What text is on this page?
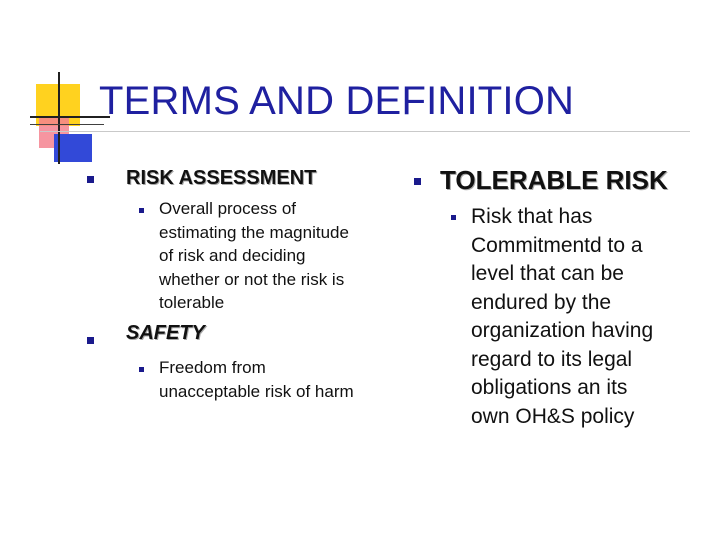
TERMS AND DEFINITION
RISK ASSESSMENT
Overall process of
estimating the magnitude
of risk and deciding
whether or not the risk is
tolerable
SAFETY
Freedom from
unacceptable risk of harm
TOLERABLE RISK
Risk that has
Commitmentd to a
level that can be
endured by the
organization having
regard to its legal
obligations an its
own OH&S policy
